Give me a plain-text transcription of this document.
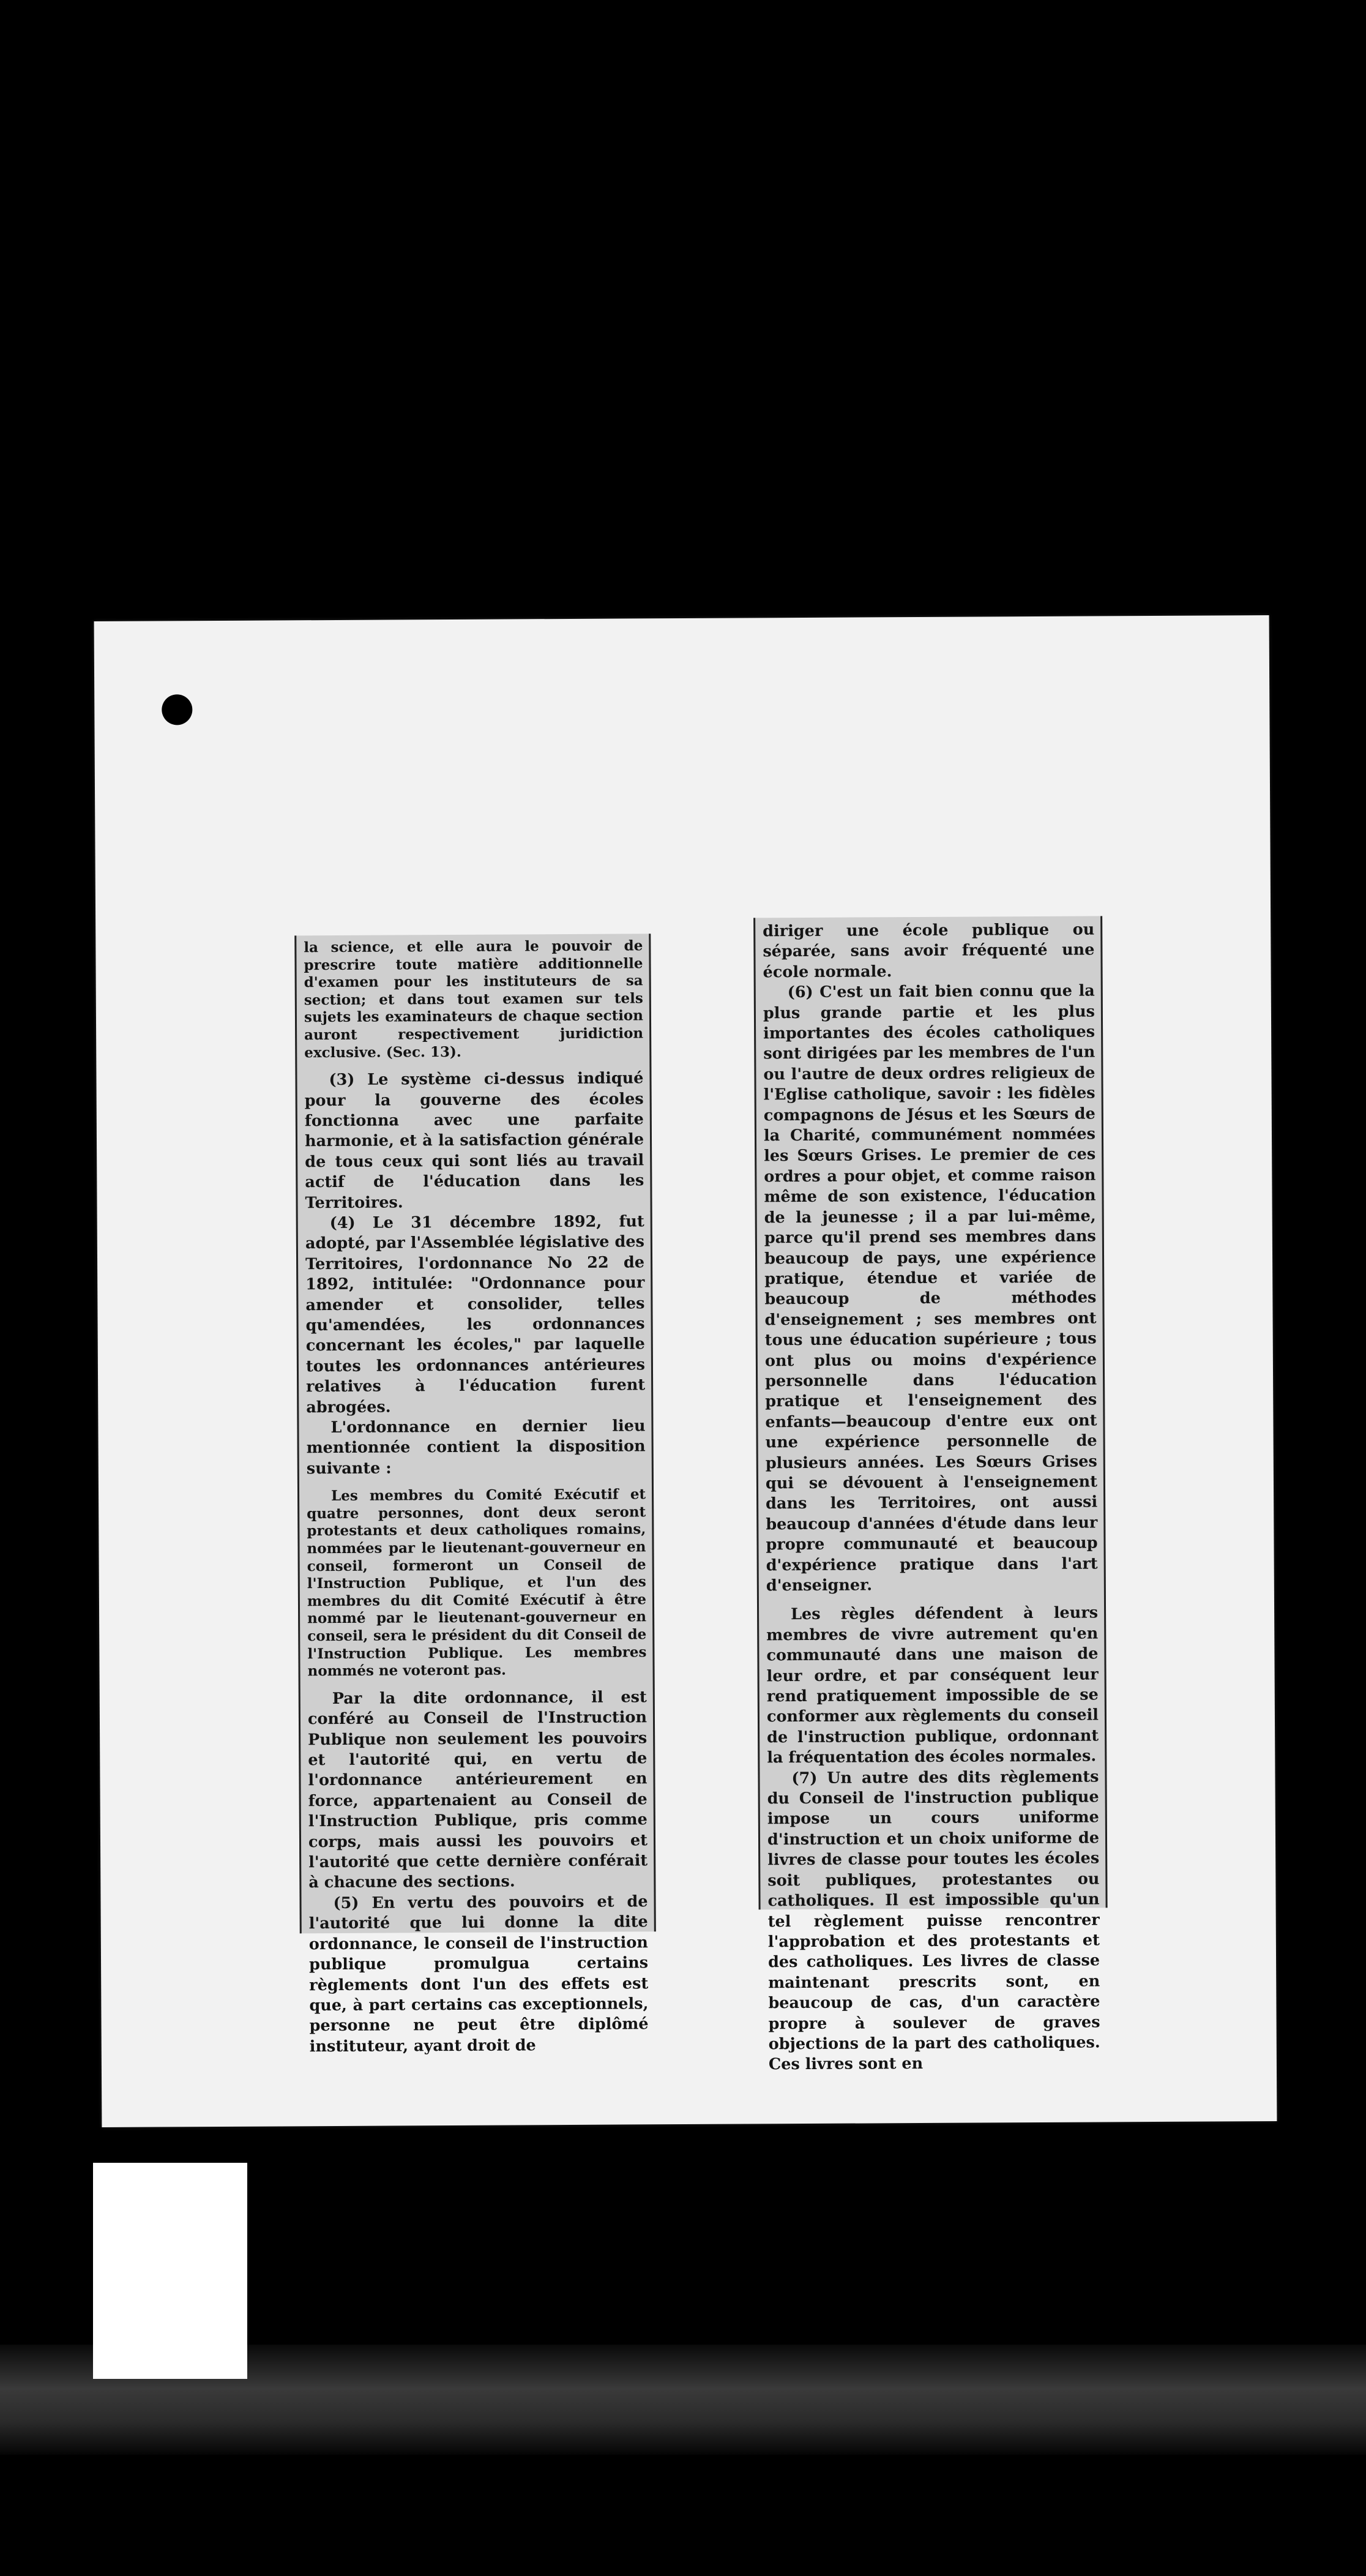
la science, et elle aura le pouvoir de prescrire toute matière additionnelle d'examen pour les instituteurs de sa section; et dans tout examen sur tels sujets les examinateurs de chaque section auront respectivement juridiction exclusive. (Sec. 13).

(3) Le système ci-dessus indiqué pour la gouverne des écoles fonctionna avec une parfaite harmonie, et à la satisfaction générale de tous ceux qui sont liés au travail actif de l'éducation dans les Territoires.

(4) Le 31 décembre 1892, fut adopté, par l'Assemblée législative des Territoires, l'ordonnance No 22 de 1892, intitulée: "Ordonnance pour amender et consolider, telles qu'amendées, les ordonnances concernant les écoles," par laquelle toutes les ordonnances antérieures relatives à l'éducation furent abrogées.

L'ordonnance en dernier lieu mentionnée contient la disposition suivante :

Les membres du Comité Exécutif et quatre personnes, dont deux seront protestants et deux catholiques romains, nommées par le lieutenant-gouverneur en conseil, formeront un Conseil de l'Instruction Publique, et l'un des membres du dit Comité Exécutif à être nommé par le lieutenant-gouverneur en conseil, sera le président du dit Conseil de l'Instruction Publique. Les membres nommés ne voteront pas.

Par la dite ordonnance, il est conféré au Conseil de l'Instruction Publique non seulement les pouvoirs et l'autorité qui, en vertu de l'ordonnance antérieurement en force, appartenaient au Conseil de l'Instruction Publique, pris comme corps, mais aussi les pouvoirs et l'autorité que cette dernière conférait à chacune des sections.

(5) En vertu des pouvoirs et de l'autorité que lui donne la dite ordonnance, le conseil de l'instruction publique promulgua certains règlements dont l'un des effets est que, à part certains cas exceptionnels, personne ne peut être diplômé instituteur, ayant droit de

diriger une école publique ou séparée, sans avoir fréquenté une école normale.

(6) C'est un fait bien connu que la plus grande partie et les plus importantes des écoles catholiques sont dirigées par les membres de l'un ou l'autre de deux ordres religieux de l'Eglise catholique, savoir : les fidèles compagnons de Jésus et les Sœurs de la Charité, communément nommées les Sœurs Grises. Le premier de ces ordres a pour objet, et comme raison même de son existence, l'éducation de la jeunesse ; il a par lui-même, parce qu'il prend ses membres dans beaucoup de pays, une expérience pratique, étendue et variée de beaucoup de méthodes d'enseignement ; ses membres ont tous une éducation supérieure ; tous ont plus ou moins d'expérience personnelle dans l'éducation pratique et l'enseignement des enfants—beaucoup d'entre eux ont une expérience personnelle de plusieurs années. Les Sœurs Grises qui se dévouent à l'enseignement dans les Territoires, ont aussi beaucoup d'années d'étude dans leur propre communauté et beaucoup d'expérience pratique dans l'art d'enseigner.

Les règles défendent à leurs membres de vivre autrement qu'en communauté dans une maison de leur ordre, et par conséquent leur rend pratiquement impossible de se conformer aux règlements du conseil de l'instruction publique, ordonnant la fréquentation des écoles normales.

(7) Un autre des dits règlements du Conseil de l'instruction publique impose un cours uniforme d'instruction et un choix uniforme de livres de classe pour toutes les écoles soit publiques, protestantes ou catholiques. Il est impossible qu'un tel règlement puisse rencontrer l'approbation et des protestants et des catholiques. Les livres de classe maintenant prescrits sont, en beaucoup de cas, d'un caractère propre à soulever de graves objections de la part des catholiques. Ces livres sont en
